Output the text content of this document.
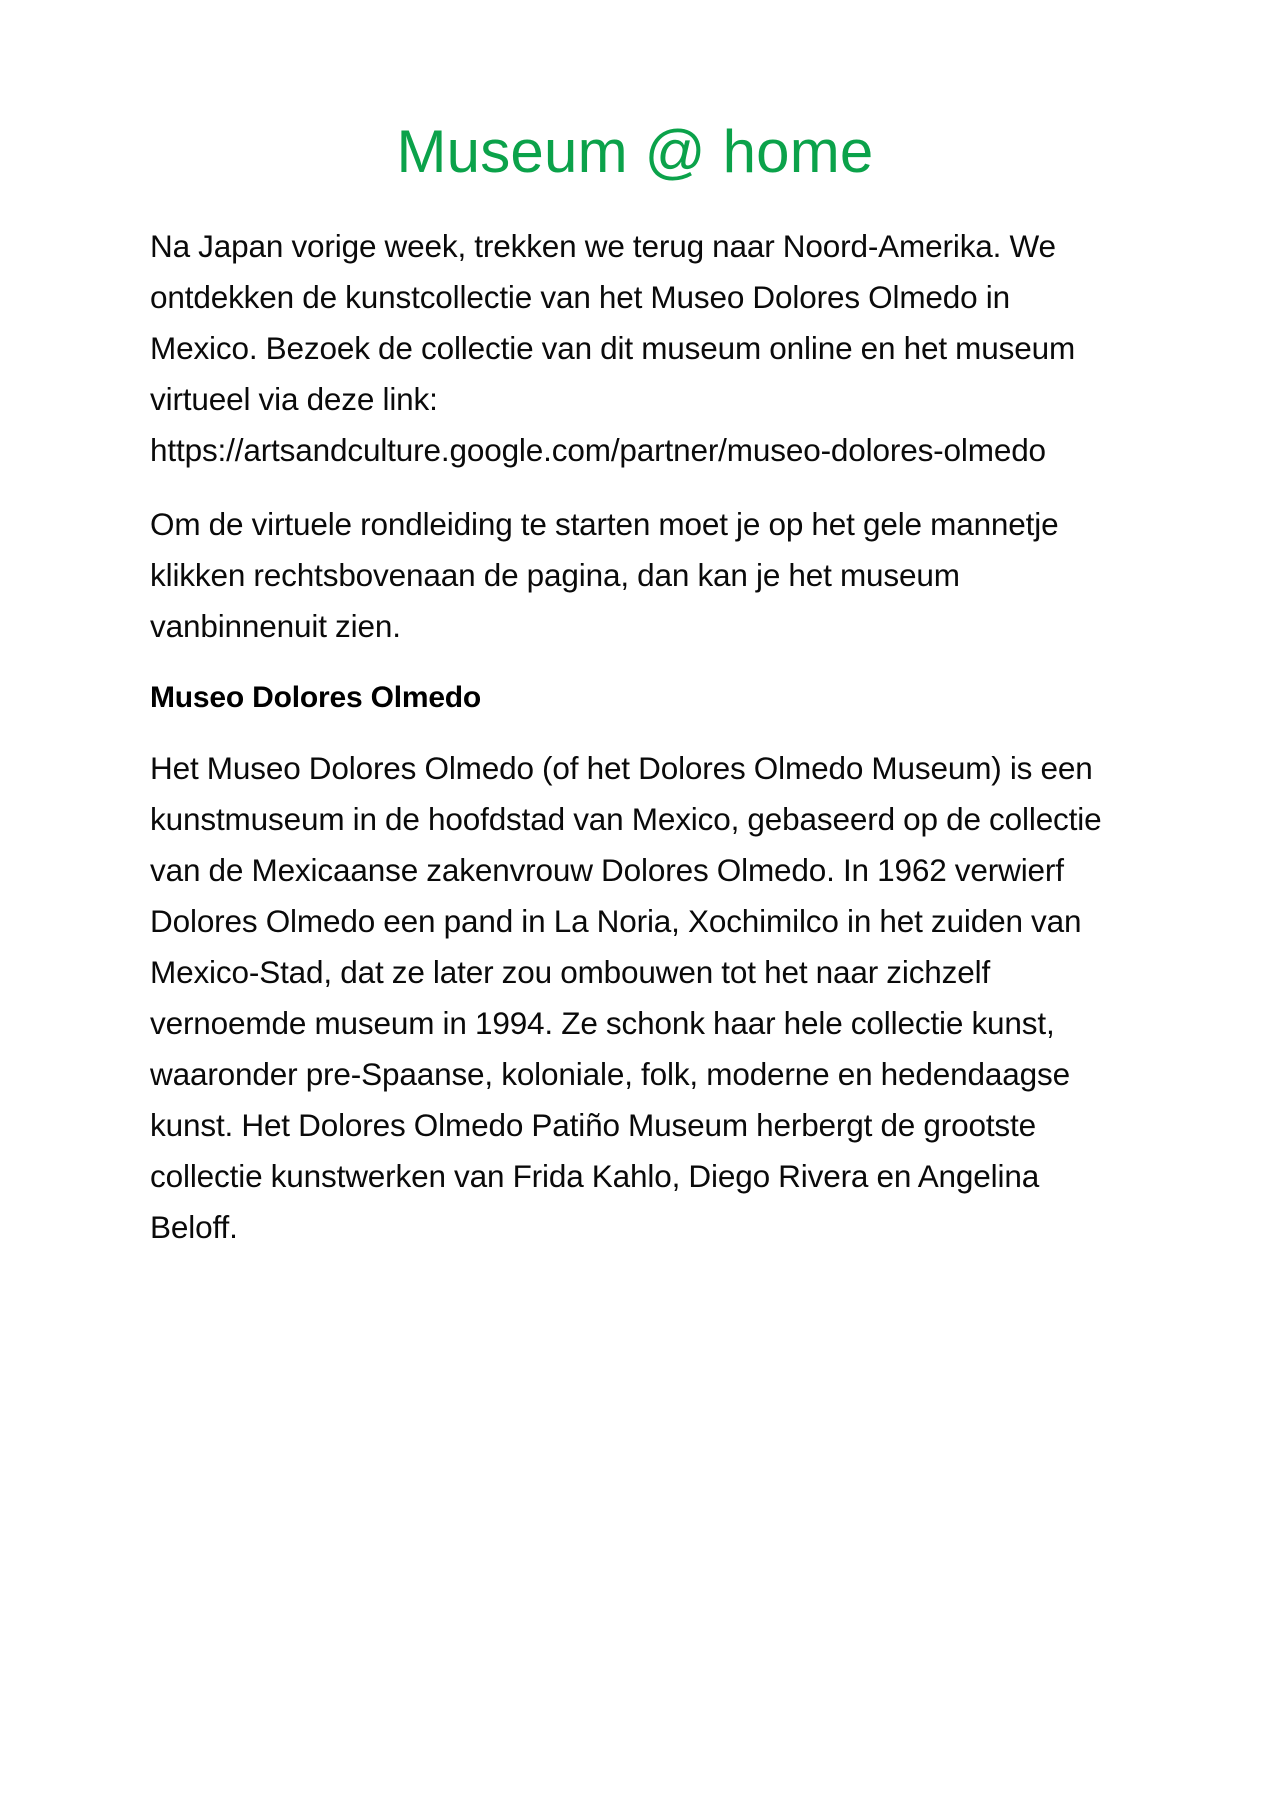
Museum @ home

Na Japan vorige week, trekken we terug naar Noord-Amerika. We ontdekken de kunstcollectie van het Museo Dolores Olmedo in Mexico. Bezoek de collectie van dit museum online en het museum virtueel via deze link: https://artsandculture.google.com/partner/museo-dolores-olmedo

Om de virtuele rondleiding te starten moet je op het gele mannetje klikken rechtsbovenaan de pagina, dan kan je het museum vanbinnenuit zien.

Museo Dolores Olmedo

Het Museo Dolores Olmedo (of het Dolores Olmedo Museum) is een kunstmuseum in de hoofdstad van Mexico, gebaseerd op de collectie van de Mexicaanse zakenvrouw Dolores Olmedo. In 1962 verwierf Dolores Olmedo een pand in La Noria, Xochimilco in het zuiden van Mexico-Stad, dat ze later zou ombouwen tot het naar zichzelf vernoemde museum in 1994. Ze schonk haar hele collectie kunst, waaronder pre-Spaanse, koloniale, folk, moderne en hedendaagse kunst. Het Dolores Olmedo Patiño Museum herbergt de grootste collectie kunstwerken van Frida Kahlo, Diego Rivera en Angelina Beloff.
